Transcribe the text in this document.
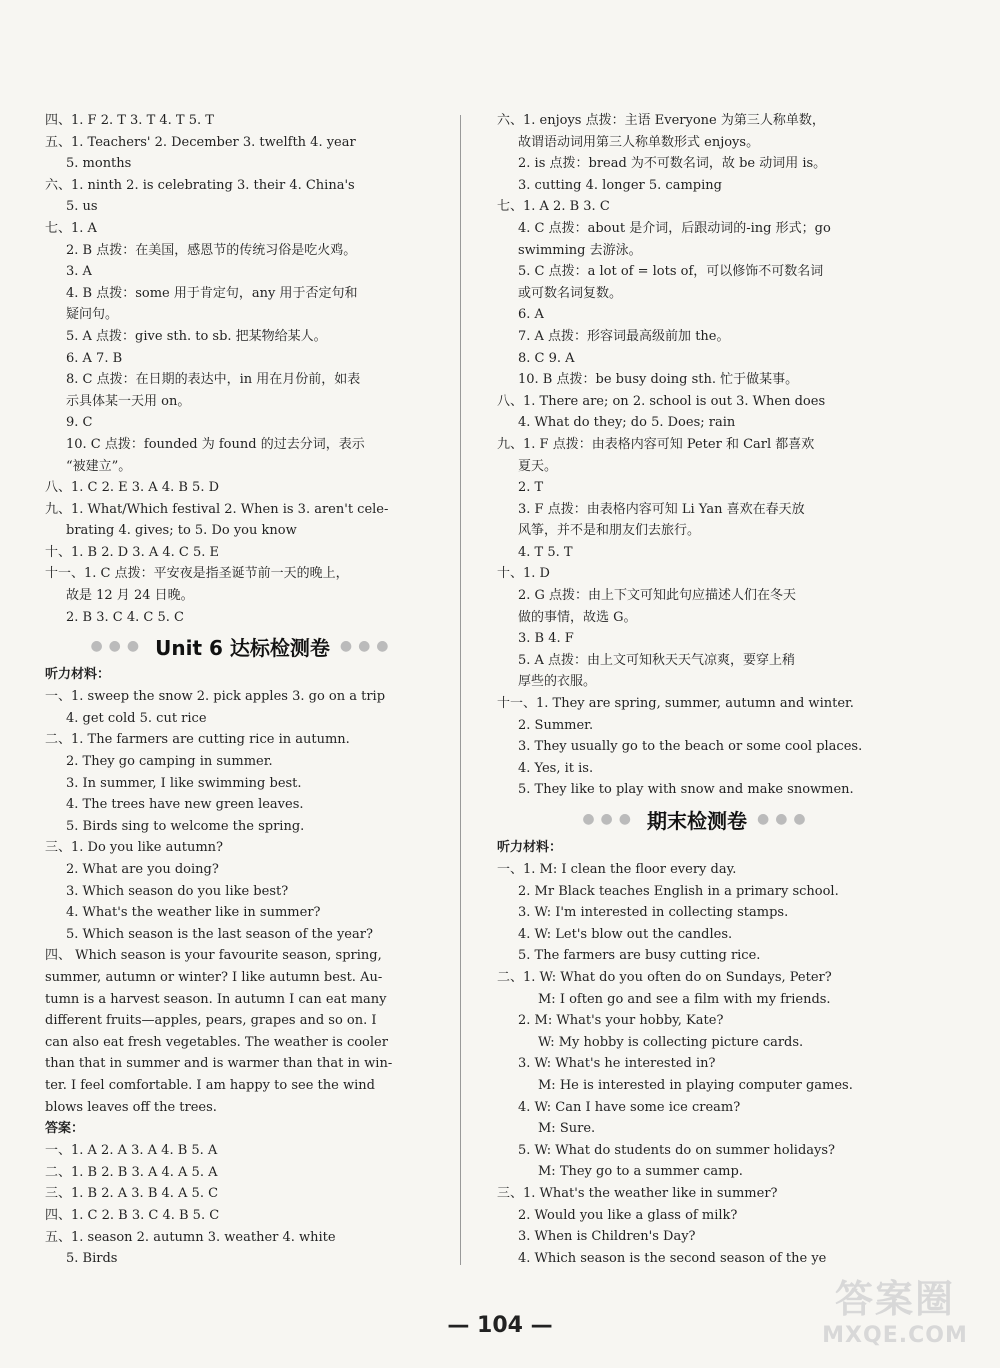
四、1. F 2. T 3. T 4. T 5. T
五、1. Teachers' 2. December 3. twelfth 4. year
5. months
六、1. ninth 2. is celebrating 3. their 4. China's
5. us
七、1. A
2. B 点拨：在美国，感恩节的传统习俗是吃火鸡。
3. A
4. B 点拨：some 用于肯定句，any 用于否定句和
疑问句。
5. A 点拨：give sth. to sb. 把某物给某人。
6. A 7. B
8. C 点拨：在日期的表达中，in 用在月份前，如表
示具体某一天用 on。
9. C
10. C 点拨：founded 为 found 的过去分词，表示
“被建立”。
八、1. C 2. E 3. A 4. B 5. D
九、1. What/Which festival 2. When is 3. aren't cele-
brating 4. gives; to 5. Do you know
十、1. B 2. D 3. A 4. C 5. E
十一、1. C 点拨：平安夜是指圣诞节前一天的晚上，
故是 12 月 24 日晚。
2. B 3. C 4. C 5. C
●●● Unit 6 达标检测卷 ●●●
听力材料：
一、1. sweep the snow 2. pick apples 3. go on a trip
4. get cold 5. cut rice
二、1. The farmers are cutting rice in autumn.
2. They go camping in summer.
3. In summer, I like swimming best.
4. The trees have new green leaves.
5. Birds sing to welcome the spring.
三、1. Do you like autumn?
2. What are you doing?
3. Which season do you like best?
4. What's the weather like in summer?
5. Which season is the last season of the year?
四、 Which season is your favourite season, spring,
summer, autumn or winter? I like autumn best. Au-
tumn is a harvest season. In autumn I can eat many
different fruits—apples, pears, grapes and so on. I
can also eat fresh vegetables. The weather is cooler
than that in summer and is warmer than that in win-
ter. I feel comfortable. I am happy to see the wind
blows leaves off the trees.
答案：
一、1. A 2. A 3. A 4. B 5. A
二、1. B 2. B 3. A 4. A 5. A
三、1. B 2. A 3. B 4. A 5. C
四、1. C 2. B 3. C 4. B 5. C
五、1. season 2. autumn 3. weather 4. white
5. Birds
六、1. enjoys 点拨：主语 Everyone 为第三人称单数，
故谓语动词用第三人称单数形式 enjoys。
2. is 点拨：bread 为不可数名词，故 be 动词用 is。
3. cutting 4. longer 5. camping
七、1. A 2. B 3. C
4. C 点拨：about 是介词，后跟动词的-ing 形式；go
swimming 去游泳。
5. C 点拨：a lot of = lots of，可以修饰不可数名词
或可数名词复数。
6. A
7. A 点拨：形容词最高级前加 the。
8. C 9. A
10. B 点拨：be busy doing sth. 忙于做某事。
八、1. There are; on 2. school is out 3. When does
4. What do they; do 5. Does; rain
九、1. F 点拨：由表格内容可知 Peter 和 Carl 都喜欢
夏天。
2. T
3. F 点拨：由表格内容可知 Li Yan 喜欢在春天放
风筝，并不是和朋友们去旅行。
4. T 5. T
十、1. D
2. G 点拨：由上下文可知此句应描述人们在冬天
做的事情，故选 G。
3. B 4. F
5. A 点拨：由上文可知秋天天气凉爽，要穿上稍
厚些的衣服。
十一、1. They are spring, summer, autumn and winter.
2. Summer.
3. They usually go to the beach or some cool places.
4. Yes, it is.
5. They like to play with snow and make snowmen.
●●● 期末检测卷 ●●●
听力材料：
一、1. M: I clean the floor every day.
2. Mr Black teaches English in a primary school.
3. W: I'm interested in collecting stamps.
4. W: Let's blow out the candles.
5. The farmers are busy cutting rice.
二、1. W: What do you often do on Sundays, Peter?
M: I often go and see a film with my friends.
2. M: What's your hobby, Kate?
W: My hobby is collecting picture cards.
3. W: What's he interested in?
M: He is interested in playing computer games.
4. W: Can I have some ice cream?
M: Sure.
5. W: What do students do on summer holidays?
M: They go to a summer camp.
三、1. What's the weather like in summer?
2. Would you like a glass of milk?
3. When is Children's Day?
4. Which season is the second season of the ye
— 104 —
答案圈
MXQE.COM
